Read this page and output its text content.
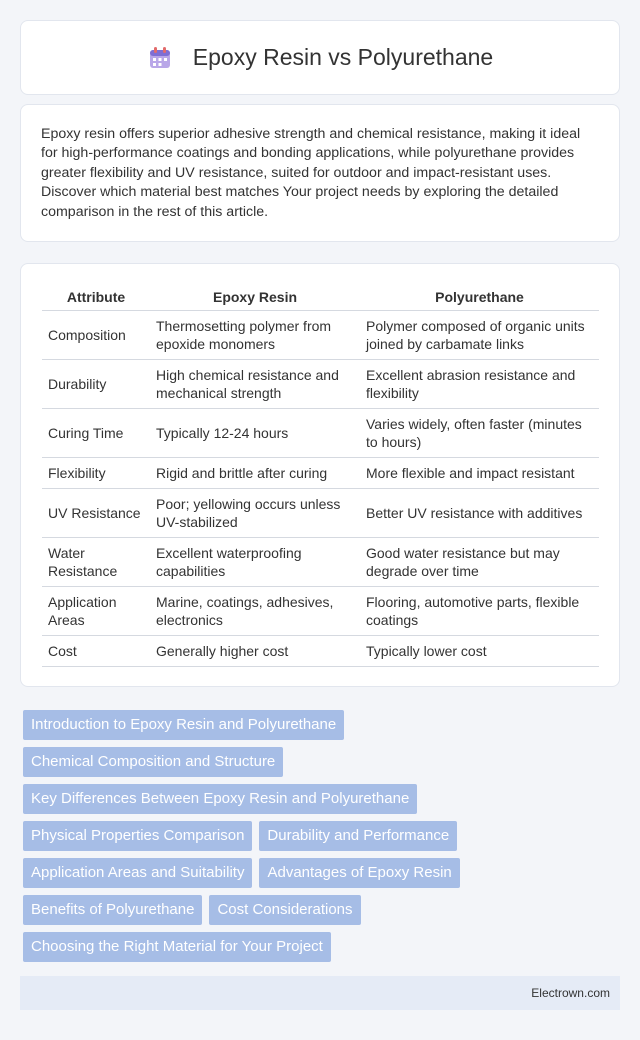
Epoxy Resin vs Polyurethane

Epoxy resin offers superior adhesive strength and chemical resistance, making it ideal for high-performance coatings and bonding applications, while polyurethane provides greater flexibility and UV resistance, suited for outdoor and impact-resistant uses. Discover which material best matches Your project needs by exploring the detailed comparison in the rest of this article.

Attribute	Epoxy Resin	Polyurethane
Composition	Thermosetting polymer from epoxide monomers	Polymer composed of organic units joined by carbamate links
Durability	High chemical resistance and mechanical strength	Excellent abrasion resistance and flexibility
Curing Time	Typically 12-24 hours	Varies widely, often faster (minutes to hours)
Flexibility	Rigid and brittle after curing	More flexible and impact resistant
UV Resistance	Poor; yellowing occurs unless UV-stabilized	Better UV resistance with additives
Water Resistance	Excellent waterproofing capabilities	Good water resistance but may degrade over time
Application Areas	Marine, coatings, adhesives, electronics	Flooring, automotive parts, flexible coatings
Cost	Generally higher cost	Typically lower cost
Introduction to Epoxy Resin and Polyurethane
Chemical Composition and Structure
Key Differences Between Epoxy Resin and Polyurethane
Physical Properties Comparison	Durability and Performance
Application Areas and Suitability	Advantages of Epoxy Resin
Benefits of Polyurethane	Cost Considerations
Choosing the Right Material for Your Project
Electrown.com
